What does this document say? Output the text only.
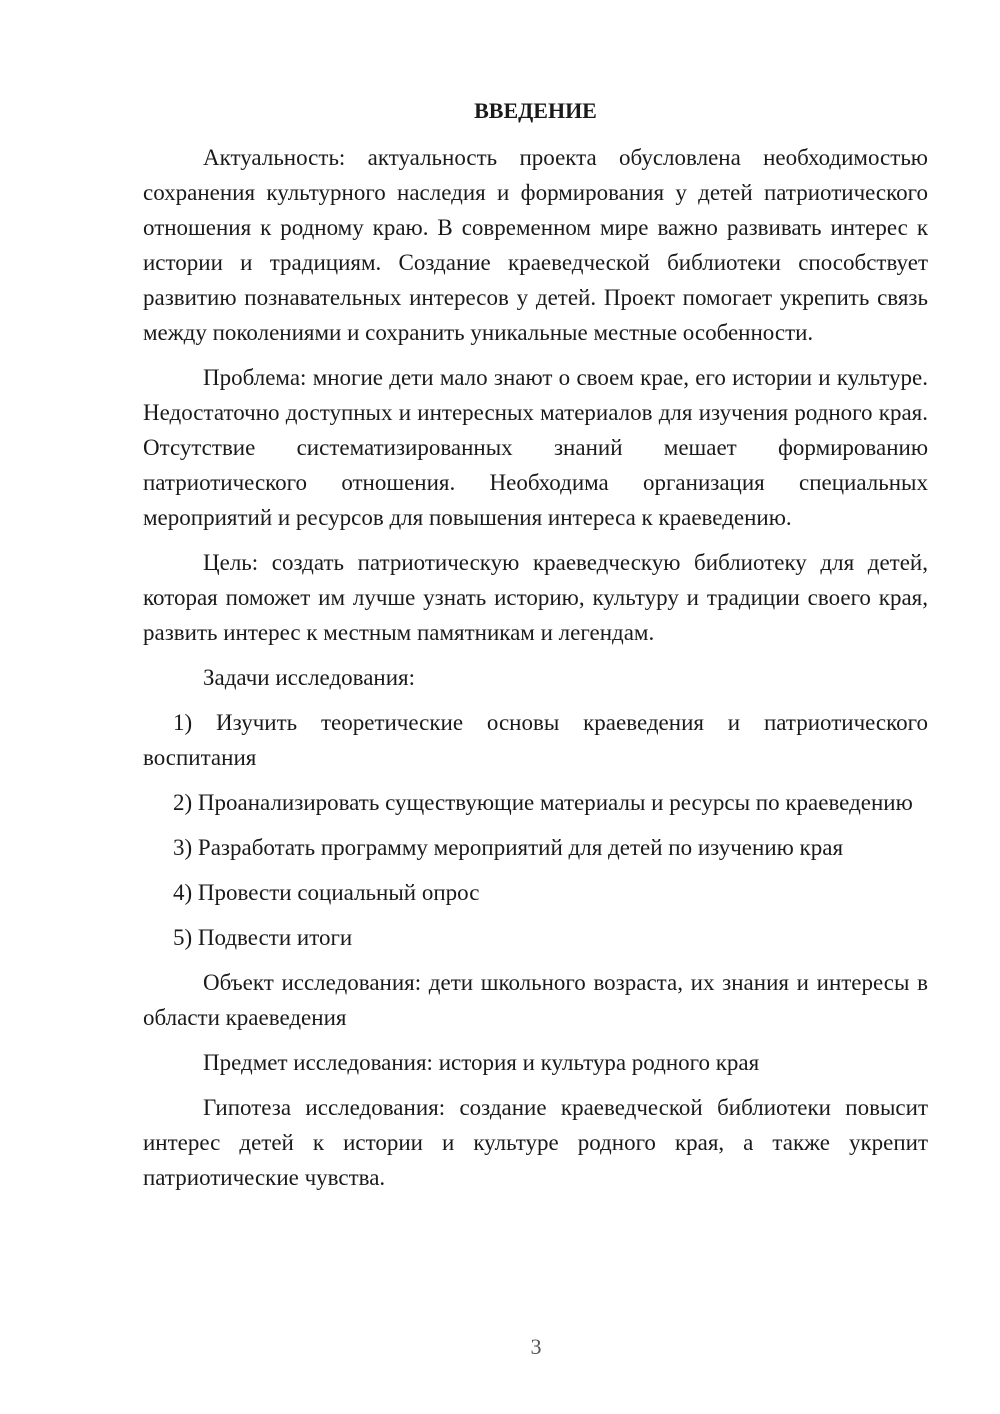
ВВЕДЕНИЕ

Актуальность: актуальность проекта обусловлена необходимостью сохранения культурного наследия и формирования у детей патриотического отношения к родному краю. В современном мире важно развивать интерес к истории и традициям. Создание краеведческой библиотеки способствует развитию познавательных интересов у детей. Проект помогает укрепить связь между поколениями и сохранить уникальные местные особенности.

Проблема: многие дети мало знают о своем крае, его истории и культуре. Недостаточно доступных и интересных материалов для изучения родного края. Отсутствие систематизированных знаний мешает формированию патриотического отношения. Необходима организация специальных мероприятий и ресурсов для повышения интереса к краеведению.

Цель: создать патриотическую краеведческую библиотеку для детей, которая поможет им лучше узнать историю, культуру и традиции своего края, развить интерес к местным памятникам и легендам.

Задачи исследования:

1) Изучить теоретические основы краеведения и патриотического воспитания

2) Проанализировать существующие материалы и ресурсы по краеведению

3) Разработать программу мероприятий для детей по изучению края

4) Провести социальный опрос

5) Подвести итоги

Объект исследования: дети школьного возраста, их знания и интересы в области краеведения

Предмет исследования: история и культура родного края

Гипотеза исследования: создание краеведческой библиотеки повысит интерес детей к истории и культуре родного края, а также укрепит патриотические чувства.

3
